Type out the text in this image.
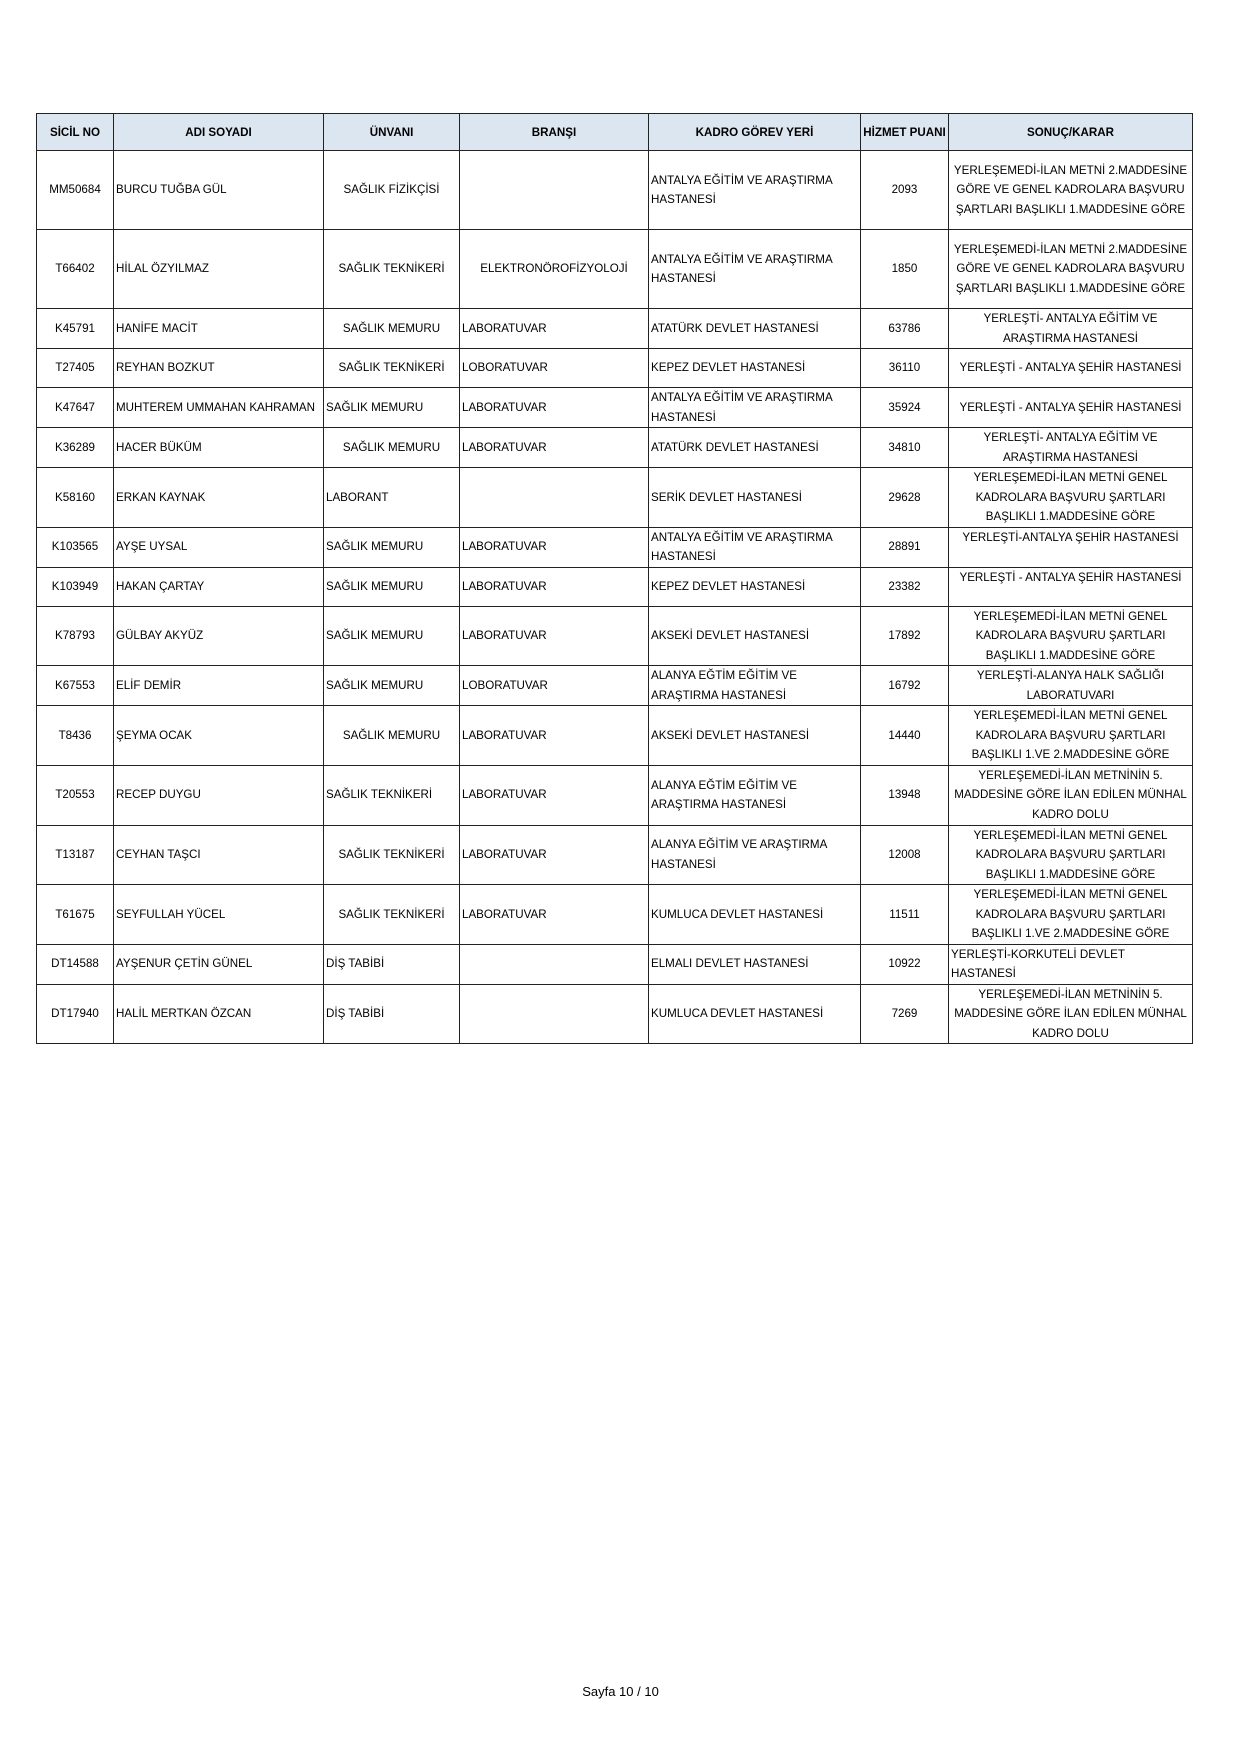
SİCİL NO	ADI SOYADI	ÜNVANI	BRANŞI	KADRO GÖREV YERİ	HİZMET PUANI	SONUÇ/KARAR
MM50684	BURCU TUĞBA GÜL	SAĞLIK FİZİKÇİSİ		ANTALYA EĞİTİM VE ARAŞTIRMA HASTANESİ	2093	YERLEŞEMEDİ-İLAN METNİ 2.MADDESİNE GÖRE VE GENEL KADROLARA BAŞVURU ŞARTLARI BAŞLIKLI 1.MADDESİNE GÖRE
T66402	HİLAL ÖZYILMAZ	SAĞLIK TEKNİKERİ	ELEKTRONÖROFİZYOLOJİ	ANTALYA EĞİTİM VE ARAŞTIRMA HASTANESİ	1850	YERLEŞEMEDİ-İLAN METNİ 2.MADDESİNE GÖRE VE GENEL KADROLARA BAŞVURU ŞARTLARI BAŞLIKLI 1.MADDESİNE GÖRE
K45791	HANİFE MACİT	SAĞLIK MEMURU	LABORATUVAR	ATATÜRK DEVLET HASTANESİ	63786	YERLEŞTİ- ANTALYA EĞİTİM VE ARAŞTIRMA HASTANESİ
T27405	REYHAN BOZKUT	SAĞLIK TEKNİKERİ	LOBORATUVAR	KEPEZ DEVLET HASTANESİ	36110	YERLEŞTİ - ANTALYA ŞEHİR HASTANESİ
K47647	MUHTEREM UMMAHAN KAHRAMAN	SAĞLIK MEMURU	LABORATUVAR	ANTALYA EĞİTİM VE ARAŞTIRMA HASTANESİ	35924	YERLEŞTİ - ANTALYA ŞEHİR HASTANESİ
K36289	HACER BÜKÜM	SAĞLIK MEMURU	LABORATUVAR	ATATÜRK DEVLET HASTANESİ	34810	YERLEŞTİ- ANTALYA EĞİTİM VE ARAŞTIRMA HASTANESİ
K58160	ERKAN KAYNAK	LABORANT		SERİK DEVLET HASTANESİ	29628	YERLEŞEMEDİ-İLAN METNİ GENEL KADROLARA BAŞVURU ŞARTLARI BAŞLIKLI 1.MADDESİNE GÖRE
K103565	AYŞE UYSAL	SAĞLIK MEMURU	LABORATUVAR	ANTALYA EĞİTİM VE ARAŞTIRMA HASTANESİ	28891	YERLEŞTİ-ANTALYA ŞEHİR HASTANESİ
K103949	HAKAN ÇARTAY	SAĞLIK MEMURU	LABORATUVAR	KEPEZ DEVLET HASTANESİ	23382	YERLEŞTİ - ANTALYA ŞEHİR HASTANESİ
K78793	GÜLBAY AKYÜZ	SAĞLIK MEMURU	LABORATUVAR	AKSEKİ DEVLET HASTANESİ	17892	YERLEŞEMEDİ-İLAN METNİ GENEL KADROLARA BAŞVURU ŞARTLARI BAŞLIKLI 1.MADDESİNE GÖRE
K67553	ELİF DEMİR	SAĞLIK MEMURU	LOBORATUVAR	ALANYA EĞTİM EĞİTİM VE ARAŞTIRMA HASTANESİ	16792	YERLEŞTİ-ALANYA HALK SAĞLIĞI LABORATUVARI
T8436	ŞEYMA OCAK	SAĞLIK MEMURU	LABORATUVAR	AKSEKİ DEVLET HASTANESİ	14440	YERLEŞEMEDİ-İLAN METNİ GENEL KADROLARA BAŞVURU ŞARTLARI BAŞLIKLI 1.VE 2.MADDESİNE GÖRE
T20553	RECEP DUYGU	SAĞLIK TEKNİKERİ	LABORATUVAR	ALANYA EĞTİM EĞİTİM VE ARAŞTIRMA HASTANESİ	13948	YERLEŞEMEDİ-İLAN METNİNİN 5. MADDESİNE GÖRE İLAN EDİLEN MÜNHAL KADRO DOLU
T13187	CEYHAN TAŞCI	SAĞLIK TEKNİKERİ	LABORATUVAR	ALANYA EĞİTİM VE ARAŞTIRMA HASTANESİ	12008	YERLEŞEMEDİ-İLAN METNİ GENEL KADROLARA BAŞVURU ŞARTLARI BAŞLIKLI 1.MADDESİNE GÖRE
T61675	SEYFULLAH YÜCEL	SAĞLIK TEKNİKERİ	LABORATUVAR	KUMLUCA DEVLET HASTANESİ	11511	YERLEŞEMEDİ-İLAN METNİ GENEL KADROLARA BAŞVURU ŞARTLARI BAŞLIKLI 1.VE 2.MADDESİNE GÖRE
DT14588	AYŞENUR ÇETİN GÜNEL	DİŞ TABİBİ		ELMALI DEVLET HASTANESİ	10922	YERLEŞTİ-KORKUTELİ DEVLET HASTANESİ
DT17940	HALİL MERTKAN ÖZCAN	DİŞ TABİBİ		KUMLUCA DEVLET HASTANESİ	7269	YERLEŞEMEDİ-İLAN METNİNİN 5. MADDESİNE GÖRE İLAN EDİLEN MÜNHAL KADRO DOLU
Sayfa 10 / 10
